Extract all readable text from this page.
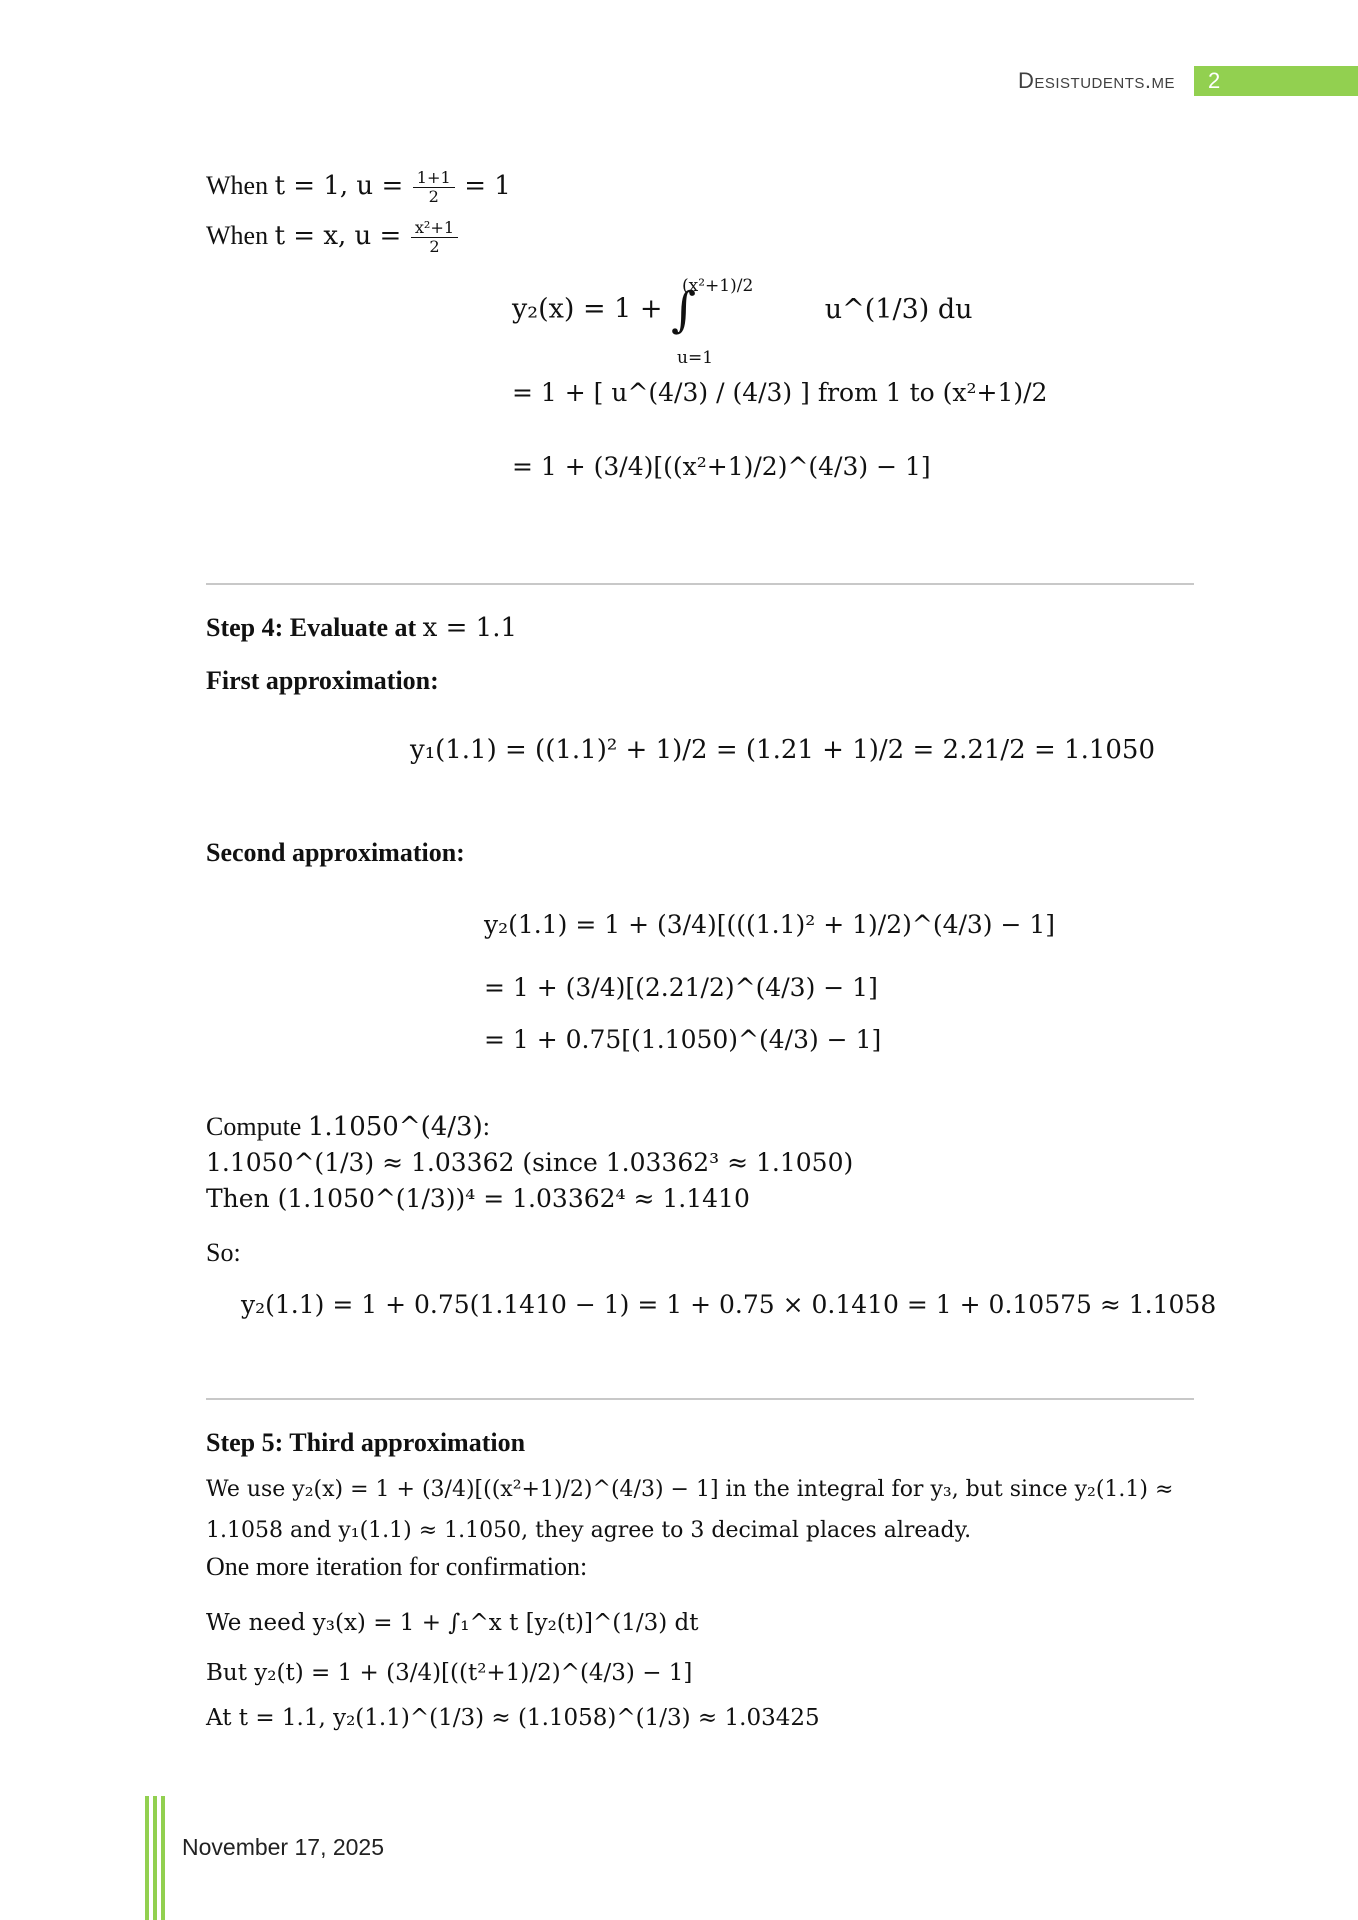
Desistudents.me 2
When t = 1, $u = \frac{1+1}{2} = 1$
When t = x, $u = \frac{\text{x²+1}}{2}$
y₂(x) = 1 + ∫
(x²+1)/2
u=1
u^(1/3) du
= 1 + [ u^(4/3) / (4/3) ] from 1 to (x²+1)/2
= 1 + (3/4)[((x²+1)/2)^(4/3) − 1]
Step 4: Evaluate at x = 1.1
First approximation:
y₁(1.1) = ((1.1)² + 1)/2 = (1.21 + 1)/2 = 2.21/2 = 1.1050
Second approximation:
y₂(1.1) = 1 + (3/4)[(((1.1)² + 1)/2)^(4/3) − 1]
= 1 + (3/4)[(2.21/2)^(4/3) − 1]
= 1 + 0.75[(1.1050)^(4/3) − 1]
Compute 1.1050^(4/3):
1.1050^(1/3) ≈ 1.03362 (since 1.03362³ ≈ 1.1050)
Then (1.1050^(1/3))⁴ = 1.03362⁴ ≈ 1.1410
So:
y₂(1.1) = 1 + 0.75(1.1410 − 1) = 1 + 0.75 × 0.1410 = 1 + 0.10575 ≈ 1.1058
Step 5: Third approximation
We use y₂(x) = 1 + (3/4)[((x²+1)/2)^(4/3) − 1] in the integral for y₃, but since y₂(1.1) ≈
1.1058 and y₁(1.1) ≈ 1.1050, they agree to 3 decimal places already.
One more iteration for confirmation:
We need y₃(x) = 1 + ∫₁^x t [y₂(t)]^(1/3) dt
But y₂(t) = 1 + (3/4)[((t²+1)/2)^(4/3) − 1]
At t = 1.1, y₂(1.1)^(1/3) ≈ (1.1058)^(1/3) ≈ 1.03425
November 17, 2025
